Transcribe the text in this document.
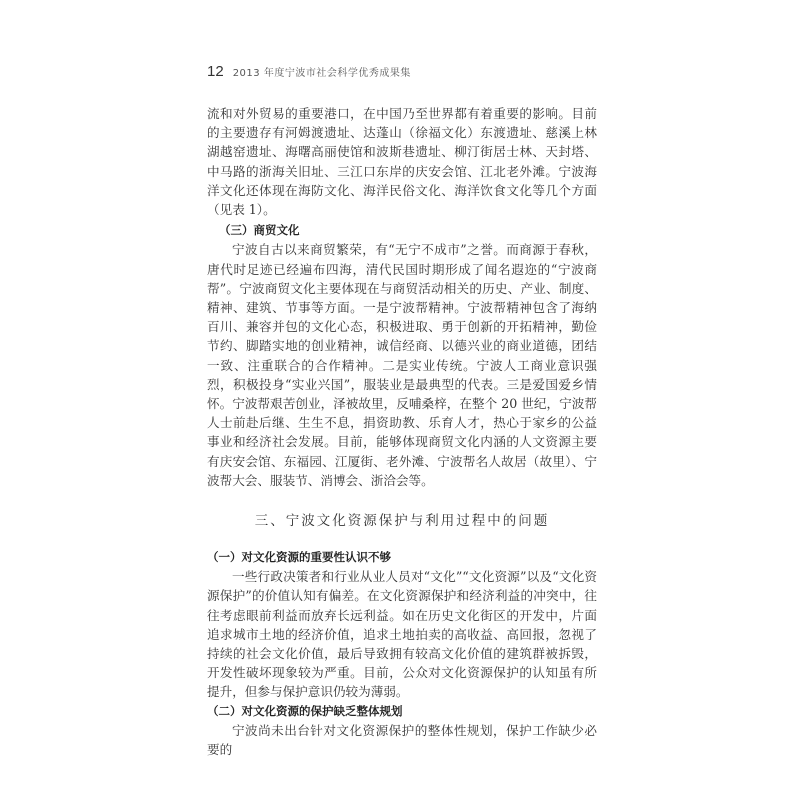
12 2013 年度宁波市社会科学优秀成果集

流和对外贸易的重要港口，在中国乃至世界都有着重要的影响。目前的主要遗存有河姆渡遗址、达蓬山（徐福文化）东渡遗址、慈溪上林湖越窑遗址、海曙高丽使馆和波斯巷遗址、柳汀街居士林、天封塔、中马路的浙海关旧址、三江口东岸的庆安会馆、江北老外滩。宁波海洋文化还体现在海防文化、海洋民俗文化、海洋饮食文化等几个方面（见表 1）。

（三）商贸文化

宁波自古以来商贸繁荣，有“无宁不成市”之誉。而商源于春秋，唐代时足迹已经遍布四海，清代民国时期形成了闻名遐迩的“宁波商帮”。宁波商贸文化主要体现在与商贸活动相关的历史、产业、制度、精神、建筑、节事等方面。一是宁波帮精神。宁波帮精神包含了海纳百川、兼容并包的文化心态，积极进取、勇于创新的开拓精神，勤俭节约、脚踏实地的创业精神，诚信经商、以德兴业的商业道德，团结一致、注重联合的合作精神。二是实业传统。宁波人工商业意识强烈，积极投身“实业兴国”，服装业是最典型的代表。三是爱国爱乡情怀。宁波帮艰苦创业，泽被故里，反哺桑梓，在整个 20 世纪，宁波帮人士前赴后继、生生不息，捐资助教、乐育人才，热心于家乡的公益事业和经济社会发展。目前，能够体现商贸文化内涵的人文资源主要有庆安会馆、东福园、江厦街、老外滩、宁波帮名人故居（故里）、宁波帮大会、服装节、消博会、浙洽会等。

三、宁波文化资源保护与利用过程中的问题

（一）对文化资源的重要性认识不够

一些行政决策者和行业从业人员对“文化”“文化资源”以及“文化资源保护”的价值认知有偏差。在文化资源保护和经济利益的冲突中，往往考虑眼前利益而放弃长远利益。如在历史文化街区的开发中，片面追求城市土地的经济价值，追求土地拍卖的高收益、高回报，忽视了持续的社会文化价值，最后导致拥有较高文化价值的建筑群被拆毁，开发性破坏现象较为严重。目前，公众对文化资源保护的认知虽有所提升，但参与保护意识仍较为薄弱。

（二）对文化资源的保护缺乏整体规划

宁波尚未出台针对文化资源保护的整体性规划，保护工作缺少必要的
